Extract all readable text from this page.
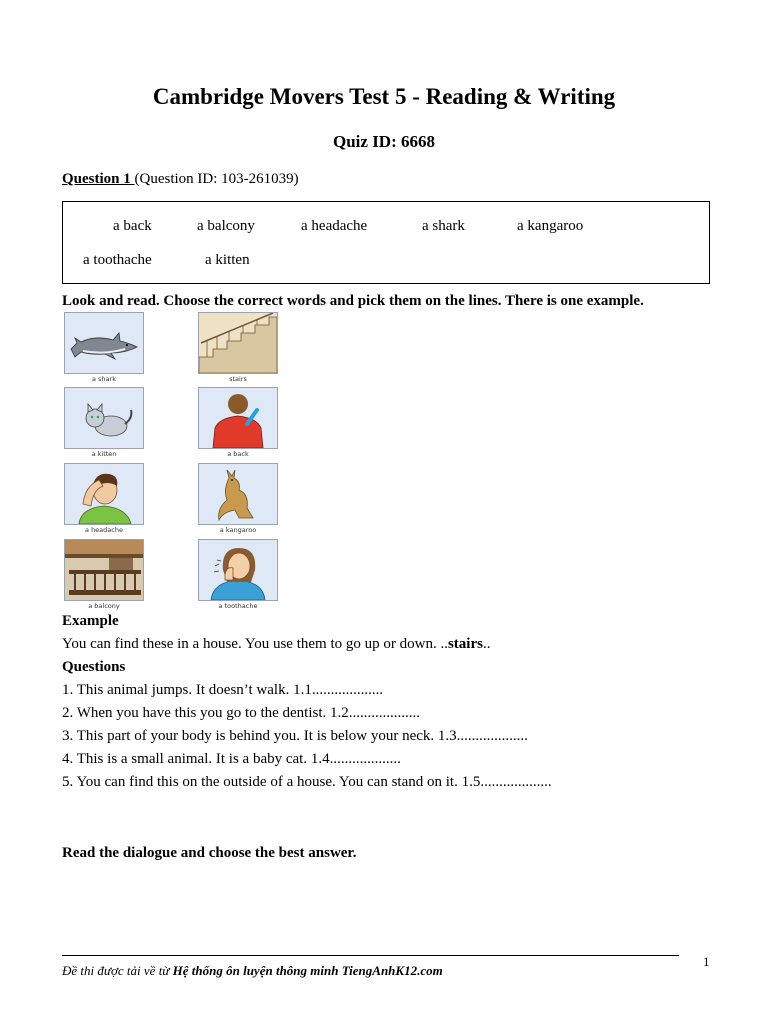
Cambridge Movers Test 5 - Reading & Writing
Quiz ID: 6668
Question 1 (Question ID: 103-261039)
a back	a balcony	a headache	a shark	a kangaroo
a toothache	a kitten
Look and read. Choose the correct words and pick them on the lines. There is one example.
a shark	stairs
a kitten	a back
a headache	a kangaroo
a balcony	a toothache
Example
You can find these in a house. You use them to go up or down. ..stairs..
Questions
1. This animal jumps. It doesn’t walk. 1.1...................
2. When you have this you go to the dentist. 1.2...................
3. This part of your body is behind you. It is below your neck. 1.3...................
4. This is a small animal. It is a baby cat. 1.4...................
5. You can find this on the outside of a house. You can stand on it. 1.5...................
Read the dialogue and choose the best answer.
Đề thi được tải về từ Hệ thống ôn luyện thông minh TiengAnhK12.com
1
